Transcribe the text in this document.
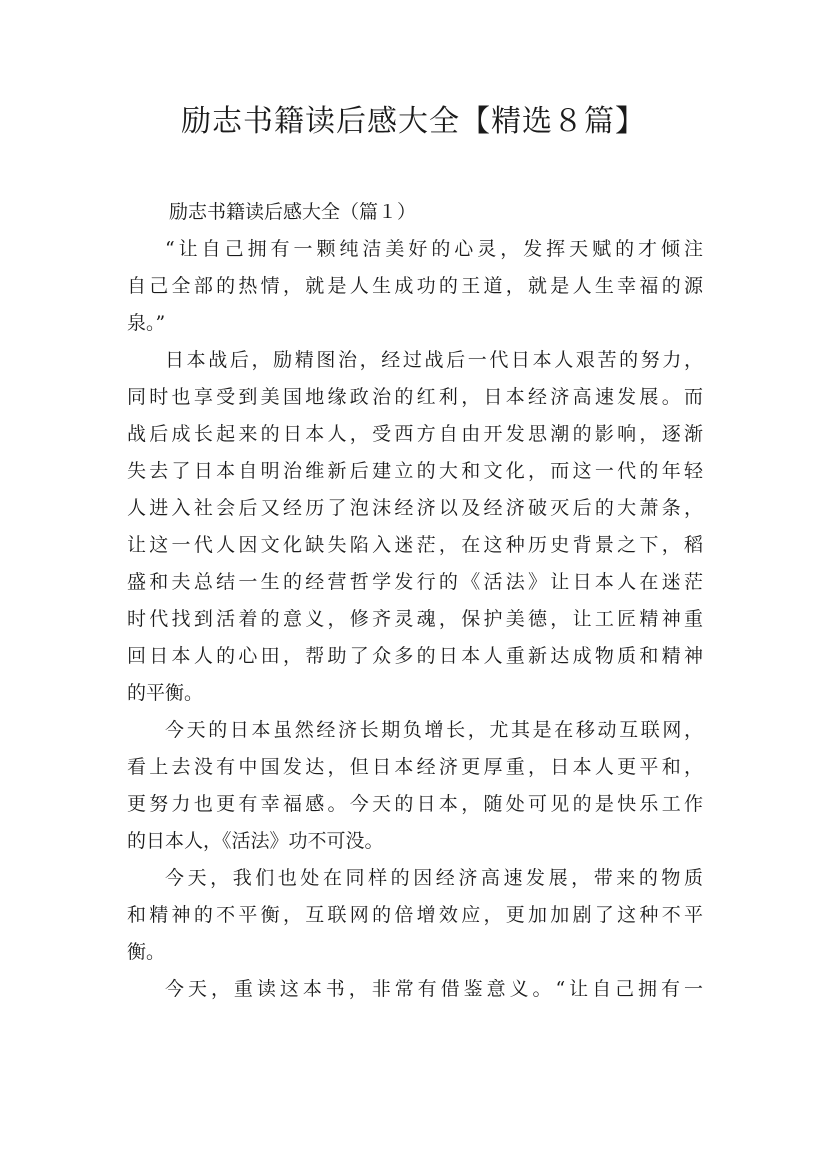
励志书籍读后感大全【精选８篇】

励志书籍读后感大全（篇１）

“让自己拥有一颗纯洁美好的心灵，发挥天赋的才倾注

自己全部的热情，就是人生成功的王道，就是人生幸福的源

泉。”

日本战后，励精图治，经过战后一代日本人艰苦的努力，

同时也享受到美国地缘政治的红利，日本经济高速发展。而

战后成长起来的日本人，受西方自由开发思潮的影响，逐渐

失去了日本自明治维新后建立的大和文化，而这一代的年轻

人进入社会后又经历了泡沫经济以及经济破灭后的大萧条，

让这一代人因文化缺失陷入迷茫，在这种历史背景之下，稻

盛和夫总结一生的经营哲学发行的《活法》让日本人在迷茫

时代找到活着的意义，修齐灵魂，保护美德，让工匠精神重

回日本人的心田，帮助了众多的日本人重新达成物质和精神

的平衡。

今天的日本虽然经济长期负增长，尤其是在移动互联网，

看上去没有中国发达，但日本经济更厚重，日本人更平和，

更努力也更有幸福感。今天的日本，随处可见的是快乐工作

的日本人，《活法》功不可没。

今天，我们也处在同样的因经济高速发展，带来的物质

和精神的不平衡，互联网的倍增效应，更加加剧了这种不平

衡。

今天，重读这本书，非常有借鉴意义。“让自己拥有一
